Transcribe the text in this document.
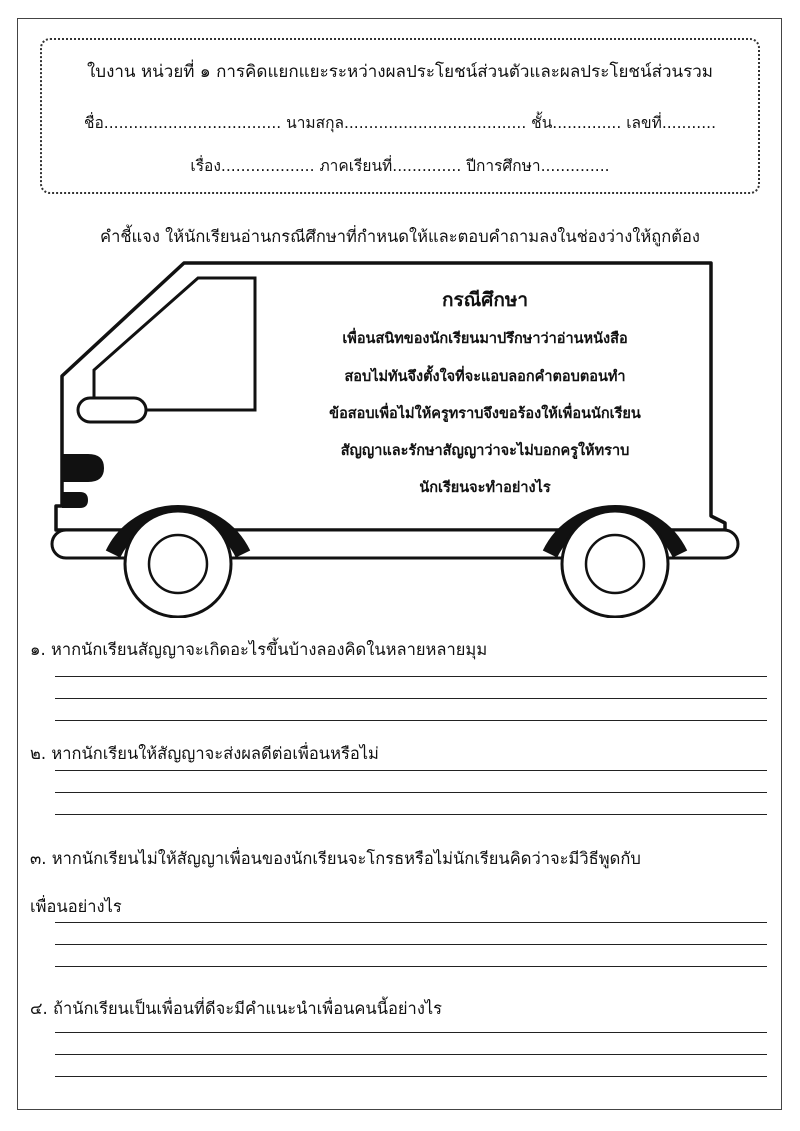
ใบงาน หน่วยที่ ๑ การคิดแยกแยะระหว่างผลประโยชน์ส่วนตัวและผลประโยชน์ส่วนรวม
ชื่อ.................................... นามสกุล..................................... ชั้น.............. เลขที่...........
เรื่อง................... ภาคเรียนที่.............. ปีการศึกษา..............
คำชี้แจง ให้นักเรียนอ่านกรณีศึกษาที่กำหนดให้และตอบคำถามลงในช่องว่างให้ถูกต้อง
กรณีศึกษา
เพื่อนสนิทของนักเรียนมาปรึกษาว่าอ่านหนังสือ
สอบไม่ทันจึงตั้งใจที่จะแอบลอกคำตอบตอนทำ
ข้อสอบเพื่อไม่ให้ครูทราบจึงขอร้องให้เพื่อนนักเรียน
สัญญาและรักษาสัญญาว่าจะไม่บอกครูให้ทราบ
นักเรียนจะทำอย่างไร
๑. หากนักเรียนสัญญาจะเกิดอะไรขึ้นบ้างลองคิดในหลายหลายมุม
๒. หากนักเรียนให้สัญญาจะส่งผลดีต่อเพื่อนหรือไม่
๓. หากนักเรียนไม่ให้สัญญาเพื่อนของนักเรียนจะโกรธหรือไม่นักเรียนคิดว่าจะมีวิธีพูดกับ
เพื่อนอย่างไร
๔. ถ้านักเรียนเป็นเพื่อนที่ดีจะมีคำแนะนำเพื่อนคนนี้อย่างไร
